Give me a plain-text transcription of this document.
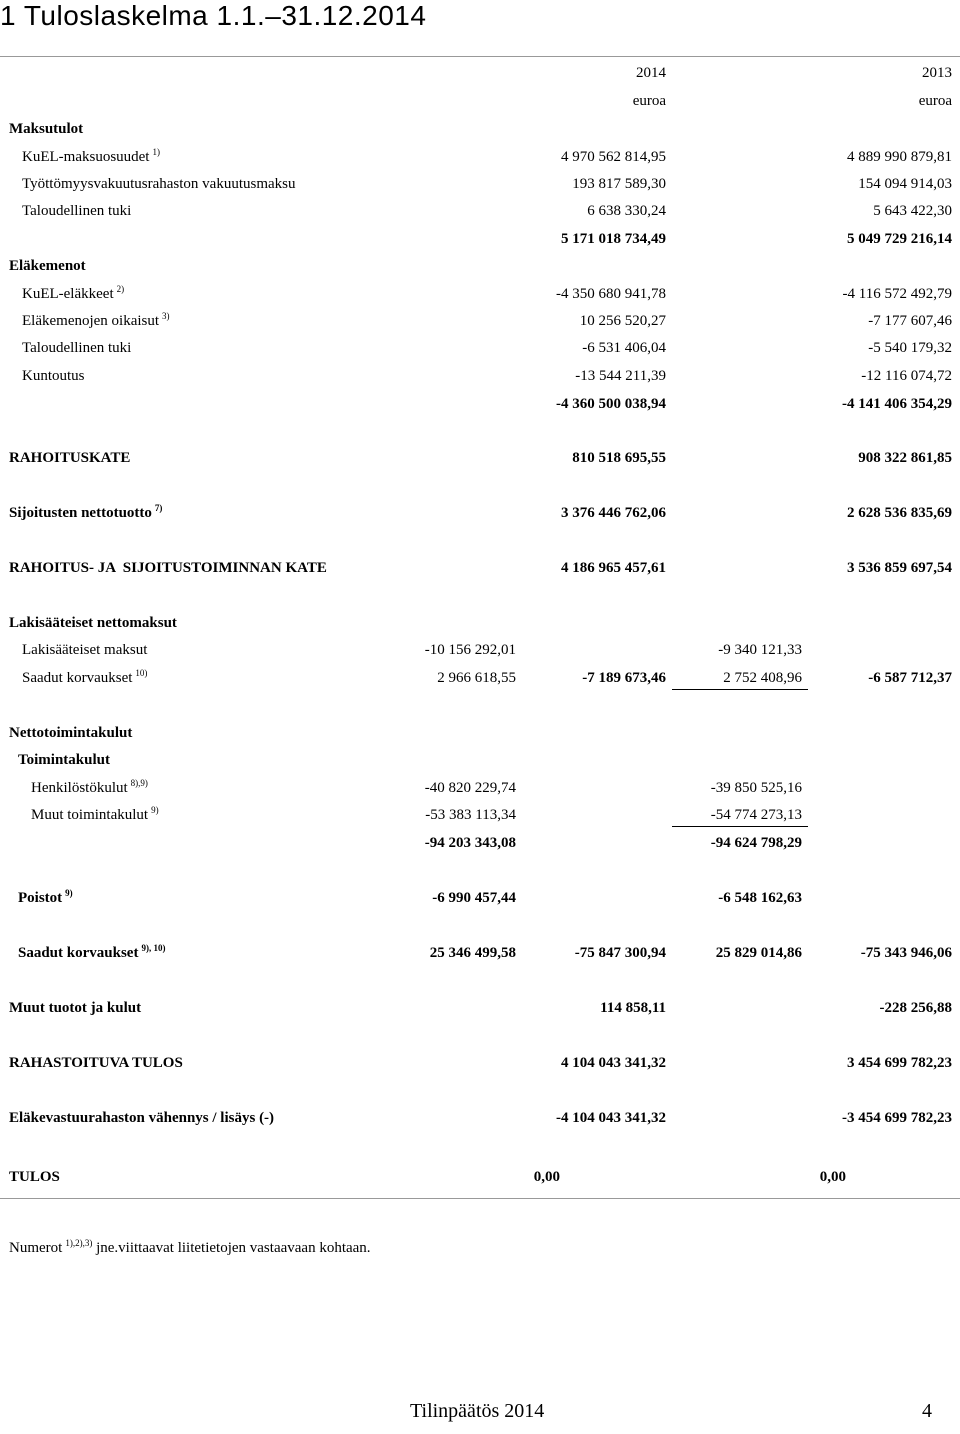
1 Tuloslaskelma 1.1.–31.12.2014
2014	2013
euroa	euroa
Maksutulot
KuEL-maksuosuudet $^{1)}$	4 970 562 814,95	4 889 990 879,81
Työttömyysvakuutusrahaston vakuutusmaksu	193 817 589,30	154 094 914,03
Taloudellinen tuki	6 638 330,24	5 643 422,30
5 171 018 734,49	5 049 729 216,14
Eläkemenot
KuEL-eläkkeet $^{2)}$	-4 350 680 941,78	-4 116 572 492,79
Eläkemenojen oikaisut $^{3)}$	10 256 520,27	-7 177 607,46
Taloudellinen tuki	-6 531 406,04	-5 540 179,32
Kuntoutus	-13 544 211,39	-12 116 074,72
-4 360 500 038,94	-4 141 406 354,29
RAHOITUSKATE	810 518 695,55	908 322 861,85
Sijoitusten nettotuotto $^{7)}$	3 376 446 762,06	2 628 536 835,69
RAHOITUS- JA  SIJOITUSTOIMINNAN KATE	4 186 965 457,61	3 536 859 697,54
Lakisääteiset nettomaksut
Lakisääteiset maksut	-10 156 292,01	-9 340 121,33
Saadut korvaukset $^{10)}$	2 966 618,55	-7 189 673,46	2 752 408,96	-6 587 712,37
Nettotoimintakulut
Toimintakulut
Henkilöstökulut $^{8),9)}$	-40 820 229,74	-39 850 525,16
Muut toimintakulut $^{9)}$	-53 383 113,34	-54 774 273,13
-94 203 343,08	-94 624 798,29
Poistot $^{9)}$	-6 990 457,44	-6 548 162,63
Saadut korvaukset $^{9), 10)}$	25 346 499,58	-75 847 300,94	25 829 014,86	-75 343 946,06
Muut tuotot ja kulut	114 858,11	-228 256,88
RAHASTOITUVA TULOS	4 104 043 341,32	3 454 699 782,23
Eläkevastuurahaston vähennys / lisäys (-)	-4 104 043 341,32	-3 454 699 782,23
TULOS	0,00	0,00
Numerot $^{1),2),3)}$ jne.viittaavat liitetietojen vastaavaan kohtaan.
Tilinpäätös 2014	4
